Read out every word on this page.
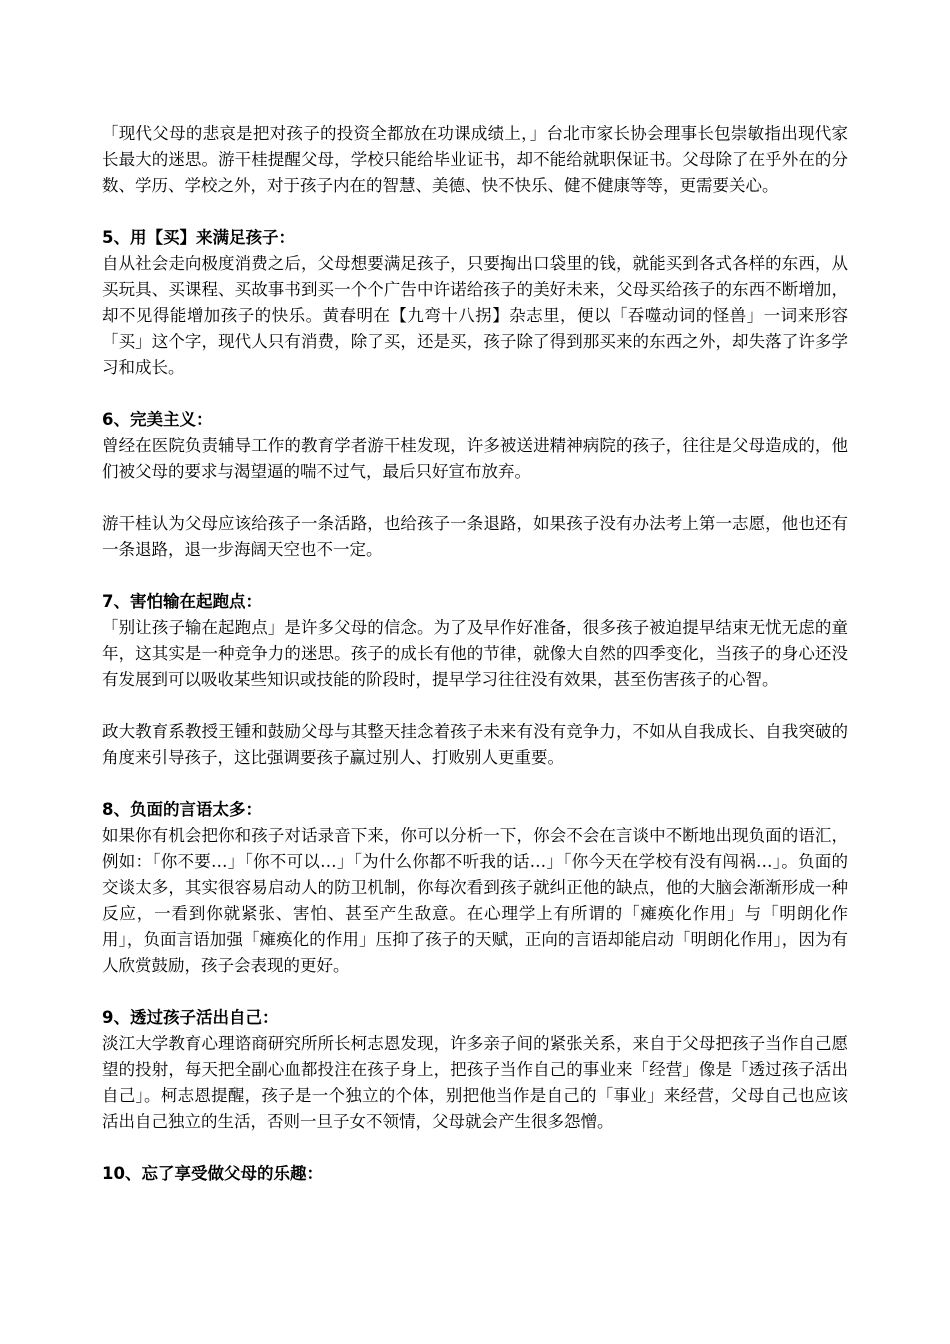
「现代父母的悲哀是把对孩子的投资全都放在功课成绩上，」台北市家长协会理事长包崇敏指出现代家长最大的迷思。游干桂提醒父母，学校只能给毕业证书，却不能给就职保证书。父母除了在乎外在的分数、学历、学校之外，对于孩子内在的智慧、美德、快不快乐、健不健康等等，更需要关心。

5、用【买】来满足孩子：

自从社会走向极度消费之后，父母想要满足孩子，只要掏出口袋里的钱，就能买到各式各样的东西，从买玩具、买课程、买故事书到买一个个广告中许诺给孩子的美好未来，父母买给孩子的东西不断增加，却不见得能增加孩子的快乐。黄春明在【九弯十八拐】杂志里，便以「吞噬动词的怪兽」一词来形容「买」这个字，现代人只有消费，除了买，还是买，孩子除了得到那买来的东西之外，却失落了许多学习和成长。

6、完美主义：

曾经在医院负责辅导工作的教育学者游干桂发现，许多被送进精神病院的孩子，往往是父母造成的，他们被父母的要求与渴望逼的喘不过气，最后只好宣布放弃。

游干桂认为父母应该给孩子一条活路，也给孩子一条退路，如果孩子没有办法考上第一志愿，他也还有一条退路，退一步海阔天空也不一定。

7、害怕输在起跑点：

「别让孩子输在起跑点」是许多父母的信念。为了及早作好准备，很多孩子被迫提早结束无忧无虑的童年，这其实是一种竞争力的迷思。孩子的成长有他的节律，就像大自然的四季变化，当孩子的身心还没有发展到可以吸收某些知识或技能的阶段时，提早学习往往没有效果，甚至伤害孩子的心智。

政大教育系教授王锺和鼓励父母与其整天挂念着孩子未来有没有竞争力，不如从自我成长、自我突破的角度来引导孩子，这比强调要孩子赢过别人、打败别人更重要。

8、负面的言语太多：

如果你有机会把你和孩子对话录音下来，你可以分析一下，你会不会在言谈中不断地出现负面的语汇，例如：「你不要…」「你不可以…」「为什么你都不听我的话…」「你今天在学校有没有闯祸…」。负面的交谈太多，其实很容易启动人的防卫机制，你每次看到孩子就纠正他的缺点，他的大脑会渐渐形成一种反应，一看到你就紧张、害怕、甚至产生敌意。在心理学上有所谓的「瘫痪化作用」与「明朗化作用」，负面言语加强「瘫痪化的作用」压抑了孩子的天赋，正向的言语却能启动「明朗化作用」，因为有人欣赏鼓励，孩子会表现的更好。

9、透过孩子活出自己：

淡江大学教育心理谘商研究所所长柯志恩发现，许多亲子间的紧张关系，来自于父母把孩子当作自己愿望的投射，每天把全副心血都投注在孩子身上，把孩子当作自己的事业来「经营」像是「透过孩子活出自己」。柯志恩提醒，孩子是一个独立的个体，别把他当作是自己的「事业」来经营，父母自己也应该活出自己独立的生活，否则一旦子女不领情，父母就会产生很多怨憎。

10、忘了享受做父母的乐趣：
